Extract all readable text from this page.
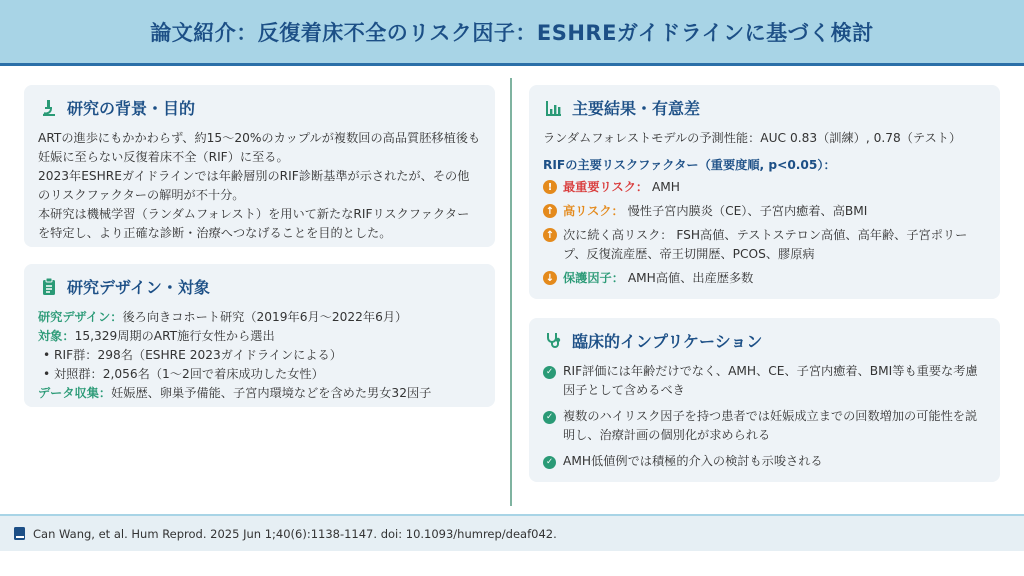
論文紹介：反復着床不全のリスク因子：ESHREガイドラインに基づく検討
研究の背景・目的
ARTの進歩にもかかわらず、約15〜20%のカップルが複数回の高品質胚移植後も妊娠に至らない反復着床不全（RIF）に至る。
2023年ESHREガイドラインでは年齢層別のRIF診断基準が示されたが、その他のリスクファクターの解明が不十分。
本研究は機械学習（ランダムフォレスト）を用いて新たなRIFリスクファクターを特定し、より正確な診断・治療へつなげることを目的とした。
研究デザイン・対象
研究デザイン：後ろ向きコホート研究（2019年6月〜2022年6月）
対象：15,329周期のART施行女性から選出
• RIF群：298名（ESHRE 2023ガイドラインによる）
• 対照群：2,056名（1〜2回で着床成功した女性）
データ収集：妊娠歴、卵巣予備能、子宮内環境などを含めた男女32因子
主要結果・有意差
ランダムフォレストモデルの予測性能：AUC 0.83（訓練）, 0.78（テスト）
RIFの主要リスクファクター（重要度順, p<0.05）：
! 最重要リスク： AMH
↑ 高リスク： 慢性子宮内膜炎（CE）、子宮内癒着、高BMI
↑ 次に続く高リスク： FSH高値、テストステロン高値、高年齢、子宮ポリープ、反復流産歴、帝王切開歴、PCOS、膠原病
↓ 保護因子： AMH高値、出産歴多数
臨床的インプリケーション
✓ RIF評価には年齢だけでなく、AMH、CE、子宮内癒着、BMI等も重要な考慮因子として含めるべき
✓ 複数のハイリスク因子を持つ患者では妊娠成立までの回数増加の可能性を説明し、治療計画の個別化が求められる
✓ AMH低値例では積極的介入の検討も示唆される
Can Wang, et al. Hum Reprod. 2025 Jun 1;40(6):1138-1147. doi: 10.1093/humrep/deaf042.
